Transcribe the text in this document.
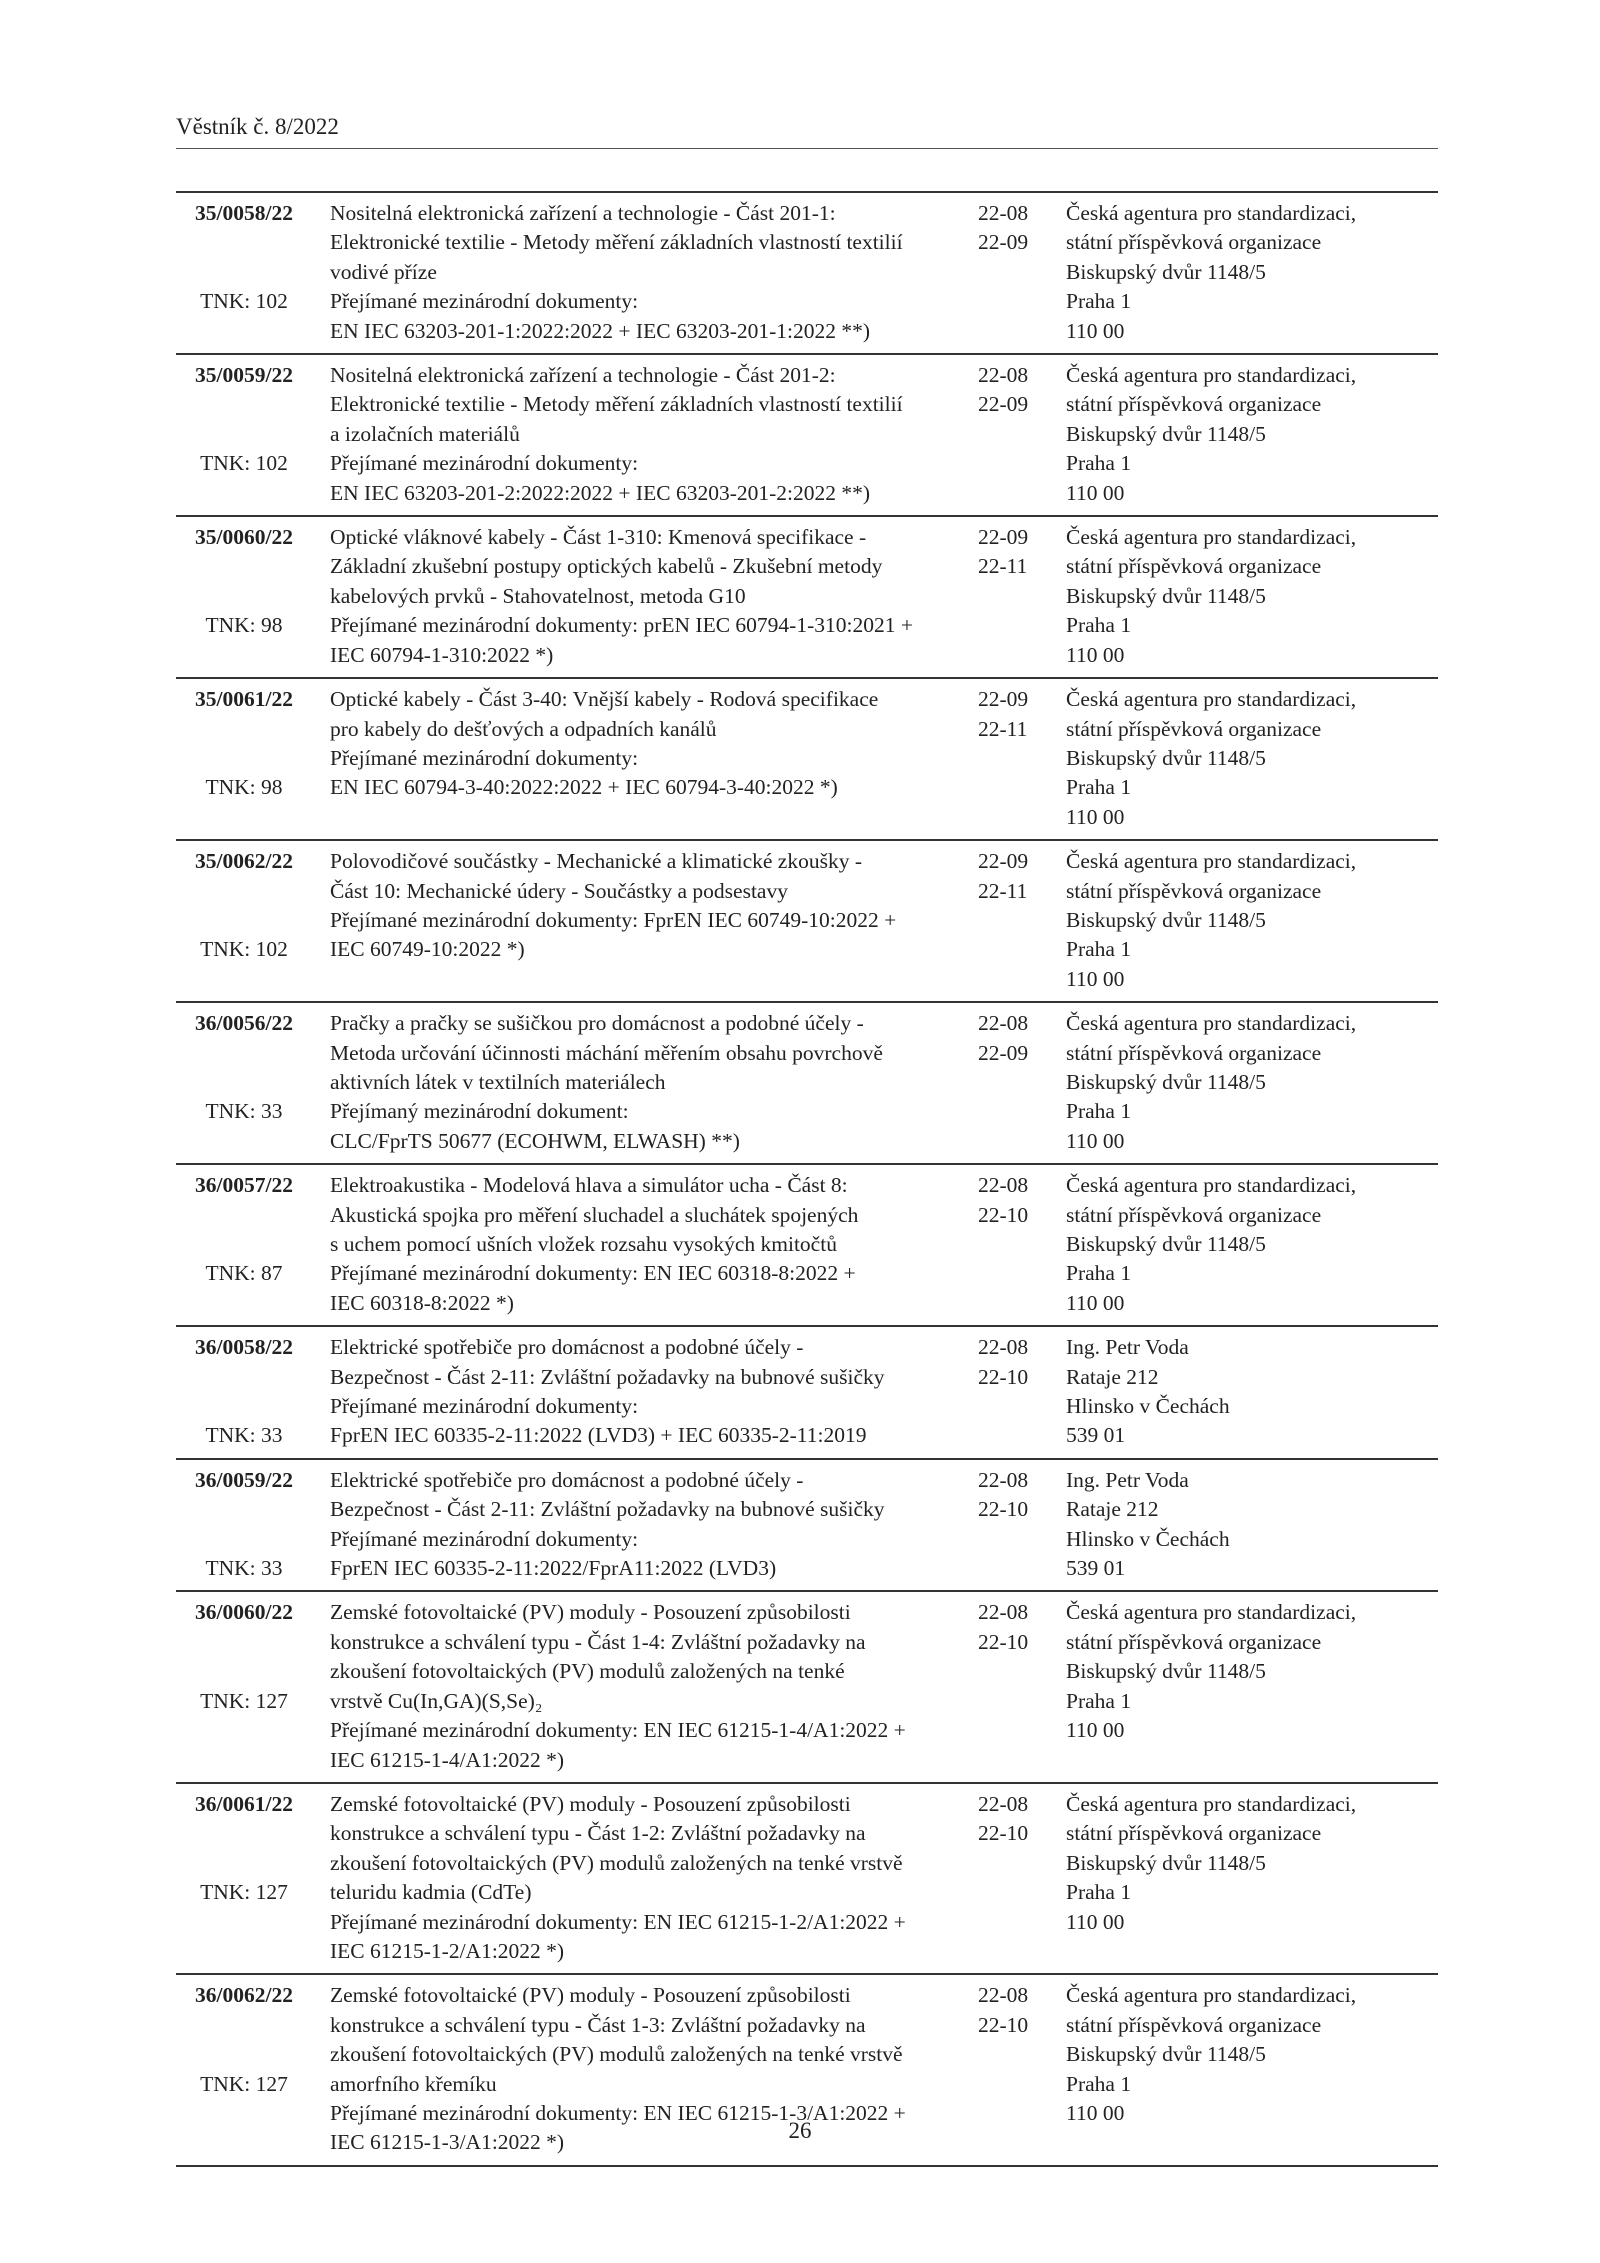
Věstník č. 8/2022
35/0058/22

TNK: 102
Nositelná elektronická zařízení a technologie - Část 201-1:
Elektronické textilie - Metody měření základních vlastností textilií
vodivé příze
Přejímané mezinárodní dokumenty:
EN IEC 63203-201-1:2022:2022 + IEC 63203-201-1:2022 **)
22-08
22-09
Česká agentura pro standardizaci,
státní příspěvková organizace
Biskupský dvůr 1148/5
Praha 1
110 00
35/0059/22

TNK: 102
Nositelná elektronická zařízení a technologie - Část 201-2:
Elektronické textilie - Metody měření základních vlastností textilií
a izolačních materiálů
Přejímané mezinárodní dokumenty:
EN IEC 63203-201-2:2022:2022 + IEC 63203-201-2:2022 **)
22-08
22-09
Česká agentura pro standardizaci,
státní příspěvková organizace
Biskupský dvůr 1148/5
Praha 1
110 00
35/0060/22

TNK: 98
Optické vláknové kabely - Část 1-310: Kmenová specifikace -
Základní zkušební postupy optických kabelů - Zkušební metody
kabelových prvků - Stahovatelnost, metoda G10
Přejímané mezinárodní dokumenty: prEN IEC 60794-1-310:2021 +
IEC 60794-1-310:2022 *)
22-09
22-11
Česká agentura pro standardizaci,
státní příspěvková organizace
Biskupský dvůr 1148/5
Praha 1
110 00
35/0061/22

TNK: 98
Optické kabely - Část 3-40: Vnější kabely - Rodová specifikace
pro kabely do dešťových a odpadních kanálů
Přejímané mezinárodní dokumenty:
EN IEC 60794-3-40:2022:2022 + IEC 60794-3-40:2022 *)
22-09
22-11
Česká agentura pro standardizaci,
státní příspěvková organizace
Biskupský dvůr 1148/5
Praha 1
110 00
35/0062/22

TNK: 102
Polovodičové součástky - Mechanické a klimatické zkoušky -
Část 10: Mechanické údery - Součástky a podsestavy
Přejímané mezinárodní dokumenty: FprEN IEC 60749-10:2022 +
IEC 60749-10:2022 *)
22-09
22-11
Česká agentura pro standardizaci,
státní příspěvková organizace
Biskupský dvůr 1148/5
Praha 1
110 00
36/0056/22

TNK: 33
Pračky a pračky se sušičkou pro domácnost a podobné účely -
Metoda určování účinnosti máchání měřením obsahu povrchově
aktivních látek v textilních materiálech
Přejímaný mezinárodní dokument:
CLC/FprTS 50677 (ECOHWM, ELWASH) **)
22-08
22-09
Česká agentura pro standardizaci,
státní příspěvková organizace
Biskupský dvůr 1148/5
Praha 1
110 00
36/0057/22

TNK: 87
Elektroakustika - Modelová hlava a simulátor ucha - Část 8:
Akustická spojka pro měření sluchadel a sluchátek spojených
s uchem pomocí ušních vložek rozsahu vysokých kmitočtů
Přejímané mezinárodní dokumenty: EN IEC 60318-8:2022 +
IEC 60318-8:2022 *)
22-08
22-10
Česká agentura pro standardizaci,
státní příspěvková organizace
Biskupský dvůr 1148/5
Praha 1
110 00
36/0058/22

TNK: 33
Elektrické spotřebiče pro domácnost a podobné účely -
Bezpečnost - Část 2-11: Zvláštní požadavky na bubnové sušičky
Přejímané mezinárodní dokumenty:
FprEN IEC 60335-2-11:2022 (LVD3) + IEC 60335-2-11:2019
22-08
22-10
Ing. Petr Voda
Rataje 212
Hlinsko v Čechách
539 01
36/0059/22

TNK: 33
Elektrické spotřebiče pro domácnost a podobné účely -
Bezpečnost - Část 2-11: Zvláštní požadavky na bubnové sušičky
Přejímané mezinárodní dokumenty:
FprEN IEC 60335-2-11:2022/FprA11:2022 (LVD3)
22-08
22-10
Ing. Petr Voda
Rataje 212
Hlinsko v Čechách
539 01
36/0060/22

TNK: 127
Zemské fotovoltaické (PV) moduly - Posouzení způsobilosti
konstrukce a schválení typu - Část 1-4: Zvláštní požadavky na
zkoušení fotovoltaických (PV) modulů založených na tenké
vrstvě Cu(In,GA)(S,Se)₂
Přejímané mezinárodní dokumenty: EN IEC 61215-1-4/A1:2022 +
IEC 61215-1-4/A1:2022 *)
22-08
22-10
Česká agentura pro standardizaci,
státní příspěvková organizace
Biskupský dvůr 1148/5
Praha 1
110 00
36/0061/22

TNK: 127
Zemské fotovoltaické (PV) moduly - Posouzení způsobilosti
konstrukce a schválení typu - Část 1-2: Zvláštní požadavky na
zkoušení fotovoltaických (PV) modulů založených na tenké vrstvě
teluridu kadmia (CdTe)
Přejímané mezinárodní dokumenty: EN IEC 61215-1-2/A1:2022 +
IEC 61215-1-2/A1:2022 *)
22-08
22-10
Česká agentura pro standardizaci,
státní příspěvková organizace
Biskupský dvůr 1148/5
Praha 1
110 00
36/0062/22

TNK: 127
Zemské fotovoltaické (PV) moduly - Posouzení způsobilosti
konstrukce a schválení typu - Část 1-3: Zvláštní požadavky na
zkoušení fotovoltaických (PV) modulů založených na tenké vrstvě
amorfního křemíku
Přejímané mezinárodní dokumenty: EN IEC 61215-1-3/A1:2022 +
IEC 61215-1-3/A1:2022 *)
22-08
22-10
Česká agentura pro standardizaci,
státní příspěvková organizace
Biskupský dvůr 1148/5
Praha 1
110 00
26
